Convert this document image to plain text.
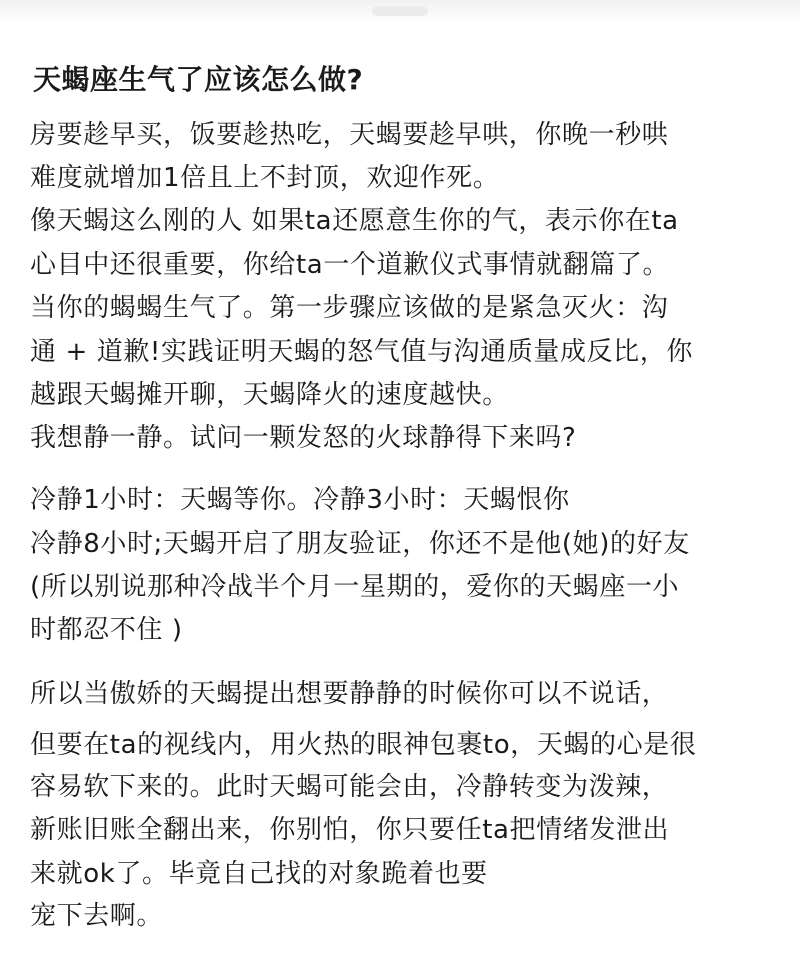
天蝎座生气了应该怎么做?

房要趁早买，饭要趁热吃，天蝎要趁早哄，你晚一秒哄

难度就增加1倍且上不封顶，欢迎作死。

像天蝎这么刚的人 如果ta还愿意生你的气，表示你在ta

心目中还很重要，你给ta一个道歉仪式事情就翻篇了。

当你的蝎蝎生气了。第一步骤应该做的是紧急灭火：沟

通 + 道歉!实践证明天蝎的怒气值与沟通质量成反比，你

越跟天蝎摊开聊，天蝎降火的速度越快。

我想静一静。试问一颗发怒的火球静得下来吗?

冷静1小时：天蝎等你。冷静3小时：天蝎恨你

冷静8小时;天蝎开启了朋友验证，你还不是他(她)的好友

(所以别说那种冷战半个月一星期的，爱你的天蝎座一小

时都忍不住 )

所以当傲娇的天蝎提出想要静静的时候你可以不说话，

但要在ta的视线内，用火热的眼神包裹to，天蝎的心是很

容易软下来的。此时天蝎可能会由，冷静转变为泼辣，

新账旧账全翻出来，你别怕，你只要任ta把情绪发泄出

来就ok了。毕竟自己找的对象跪着也要

宠下去啊。
